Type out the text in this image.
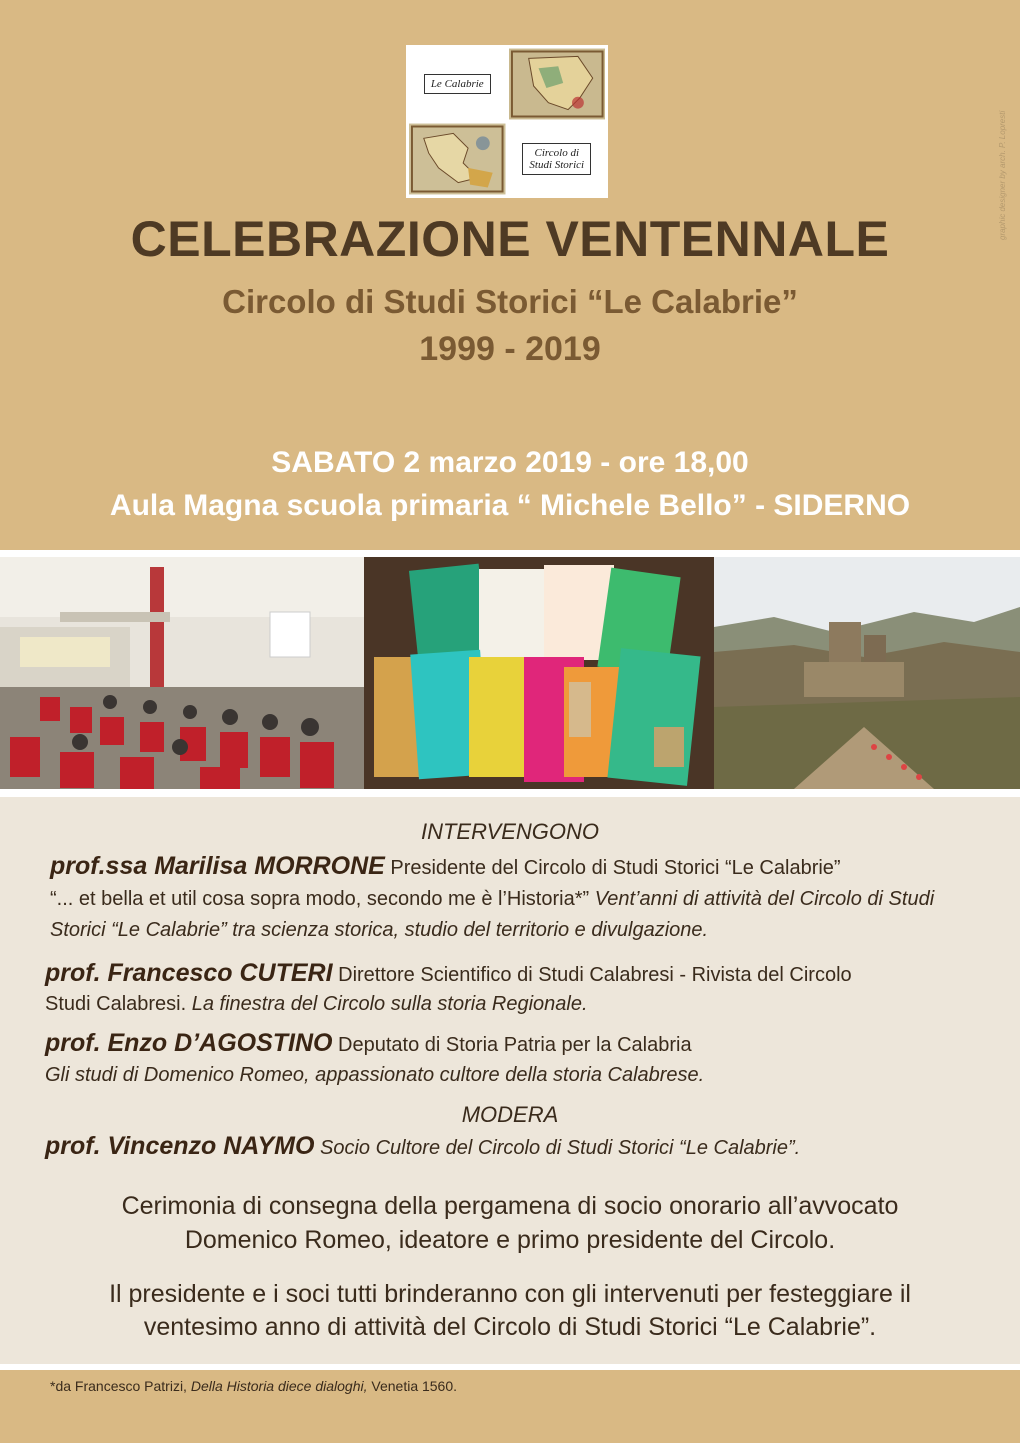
Le Calabrie
Circolo di
Studi Storici	graphic designer by arch. P. Lopresti
CELEBRAZIONE VENTENNALE
Circolo di Studi Storici “Le Calabrie”
1999 - 2019
SABATO 2 marzo 2019 - ore 18,00
Aula Magna scuola primaria “ Michele Bello” - SIDERNO
INTERVENGONO
prof.ssa Marilisa MORRONE Presidente del Circolo di Studi Storici “Le Calabrie”
“... et bella et util cosa sopra modo, secondo me è l’Historia*” Vent’anni di attività del Circolo di Studi
Storici “Le Calabrie” tra scienza storica, studio del territorio e divulgazione.
prof. Francesco CUTERI Direttore Scientifico di Studi Calabresi - Rivista del Circolo
Studi Calabresi. La finestra del Circolo sulla storia Regionale.
prof. Enzo D’AGOSTINO Deputato di Storia Patria per la Calabria
Gli studi di Domenico Romeo, appassionato cultore della storia Calabrese.
MODERA
prof. Vincenzo NAYMO Socio Cultore del Circolo di Studi Storici “Le Calabrie”.
Cerimonia di consegna della pergamena di socio onorario all’avvocato
Domenico Romeo, ideatore e primo presidente del Circolo.
Il presidente e i soci tutti brinderanno con gli intervenuti per festeggiare il
ventesimo anno di attività del Circolo di Studi Storici “Le Calabrie”.
*da Francesco Patrizi, Della Historia diece dialoghi, Venetia 1560.
